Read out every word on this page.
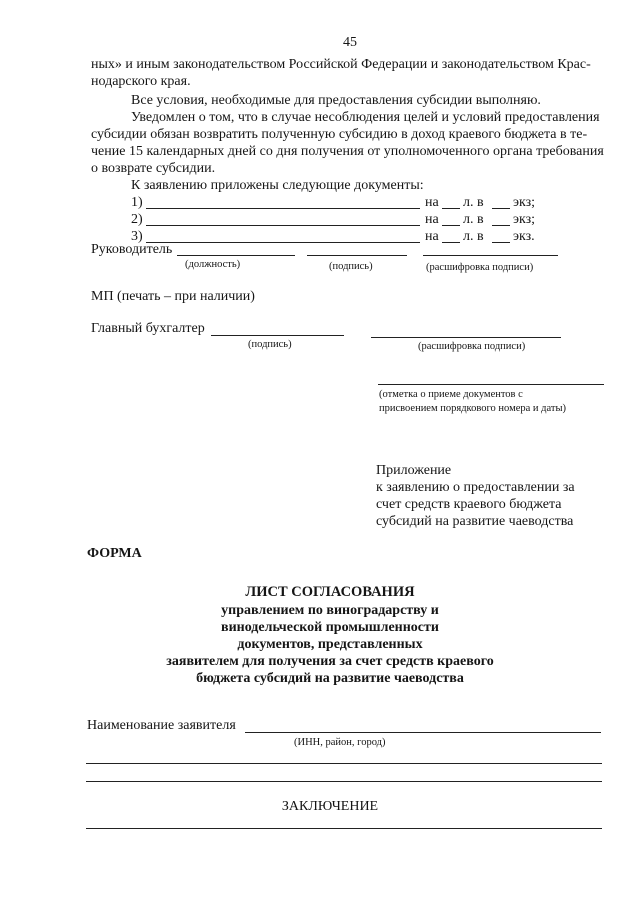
45
ных» и иным законодательством Российской Федерации и законодательством Крас-
нодарского края.
Все условия, необходимые для предоставления субсидии выполняю.
Уведомлен о том, что в случае несоблюдения целей и условий предоставления
субсидии обязан возвратить полученную субсидию в доход краевого бюджета в те-
чение 15 календарных дней со дня получения от уполномоченного органа требования
о возврате субсидии.
К заявлению приложены следующие документы:
1)	на л. в экз;
2)	на л. в экз;
3)	на л. в экз.
Руководитель
(должность)	(подпись)	(расшифровка подписи)
МП (печать – при наличии)
Главный бухгалтер
(подпись)	(расшифровка подписи)
(отметка о приеме документов с
присвоением порядкового номера и даты)
Приложение
к заявлению о предоставлении за
счет средств краевого бюджета
субсидий на развитие чаеводства
ФОРМА
ЛИСТ СОГЛАСОВАНИЯ
управлением по виноградарству и
винодельческой промышленности
документов, представленных
заявителем для получения за счет средств краевого
бюджета субсидий на развитие чаеводства
Наименование заявителя
(ИНН, район, город)
ЗАКЛЮЧЕНИЕ
